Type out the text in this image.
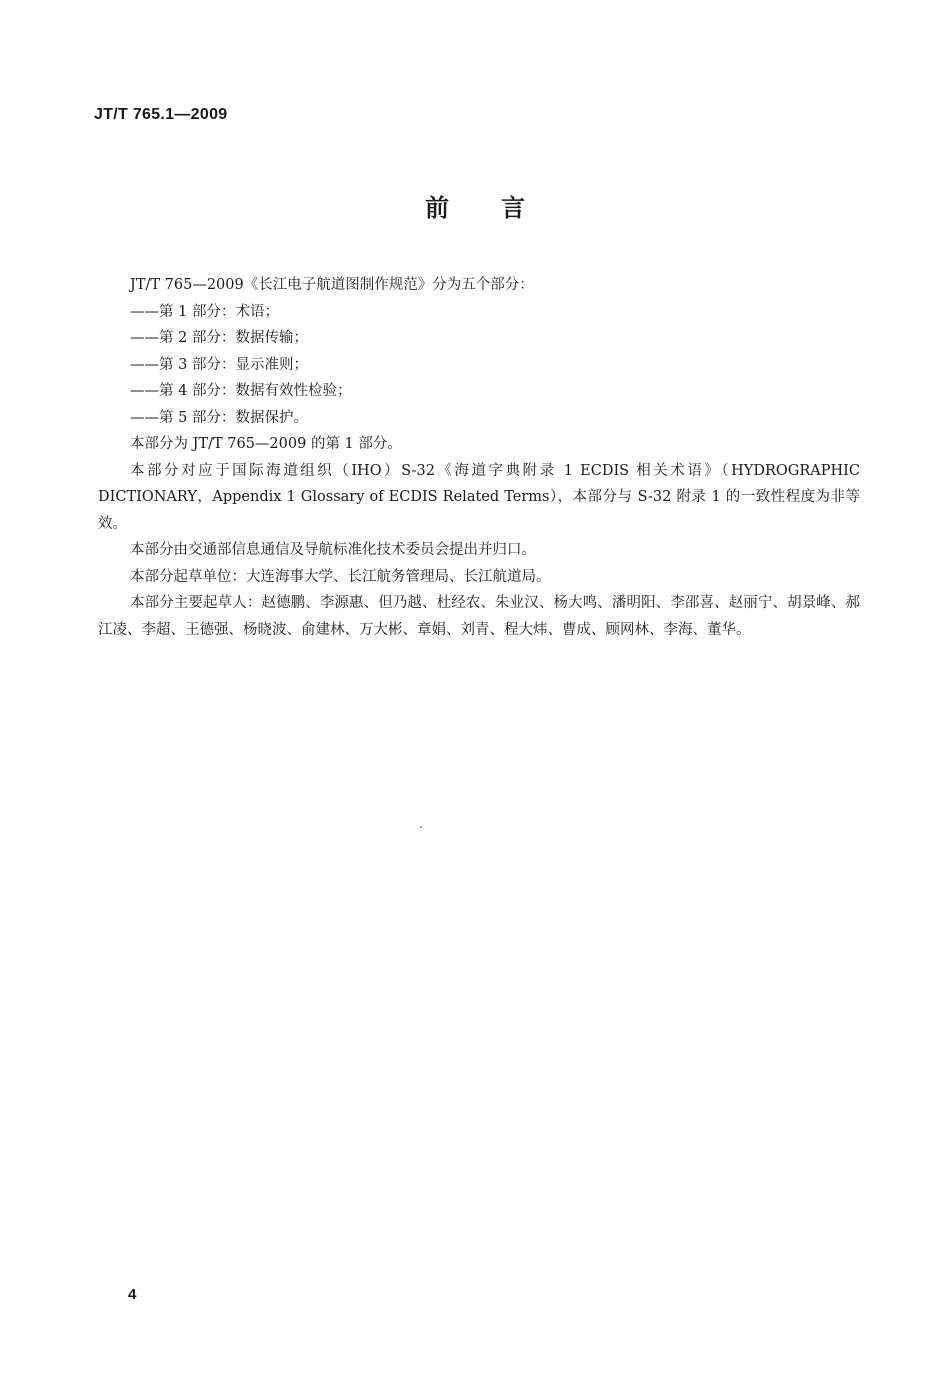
JT/T 765.1—2009
前言

JT/T 765—2009《长江电子航道图制作规范》分为五个部分：

——第 1 部分：术语；

——第 2 部分：数据传输；

——第 3 部分：显示准则；

——第 4 部分：数据有效性检验；

——第 5 部分：数据保护。

本部分为 JT/T 765—2009 的第 1 部分。

本部分对应于国际海道组织（IHO）S-32《海道字典附录 1 ECDIS 相关术语》（HYDROGRAPHIC DICTIONARY，Appendix 1 Glossary of ECDIS Related Terms），本部分与 S-32 附录 1 的一致性程度为非等效。

本部分由交通部信息通信及导航标准化技术委员会提出并归口。

本部分起草单位：大连海事大学、长江航务管理局、长江航道局。

本部分主要起草人：赵德鹏、李源惠、但乃越、杜经农、朱业汉、杨大鸣、潘明阳、李邵喜、赵丽宁、胡景峰、郝江凌、李超、王德强、杨晓波、俞建林、万大彬、章娟、刘青、程大炜、曹成、顾网林、李海、董华。

4
